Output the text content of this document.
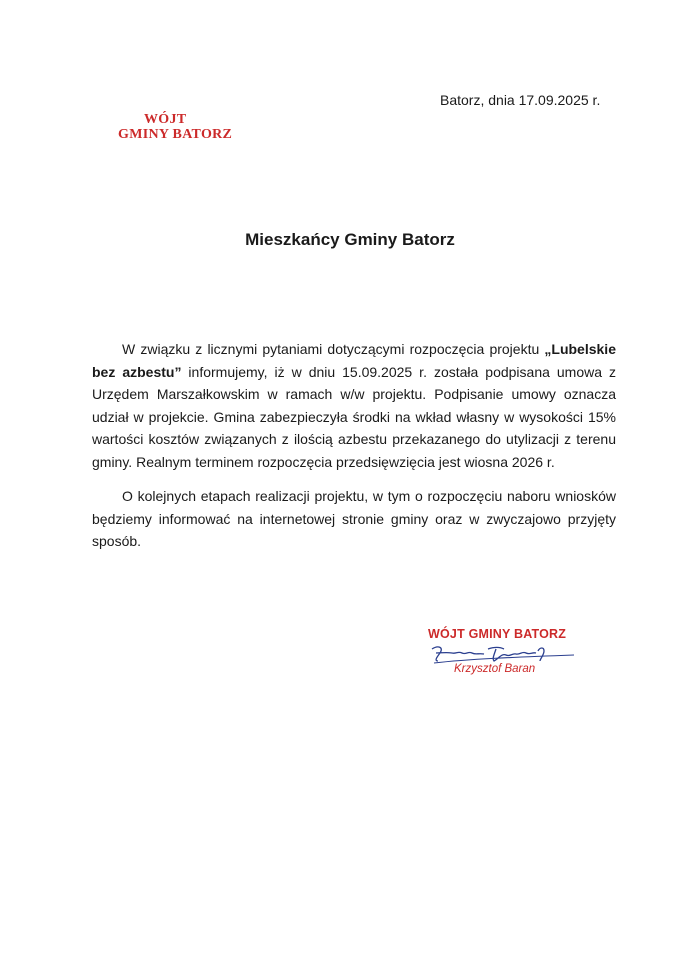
WÓJT
GMINY BATORZ
Batorz, dnia 17.09.2025 r.
Mieszkańcy Gminy Batorz

W związku z licznymi pytaniami dotyczącymi rozpoczęcia projektu „Lubelskie bez azbestu” informujemy, iż w dniu 15.09.2025 r. została podpisana umowa z Urzędem Marszałkowskim w ramach w/w projektu. Podpisanie umowy oznacza udział w projekcie. Gmina zabezpieczyła środki na wkład własny w wysokości 15% wartości kosztów związanych z ilością azbestu przekazanego do utylizacji z terenu gminy. Realnym terminem rozpoczęcia przedsięwzięcia jest wiosna 2026 r.

O kolejnych etapach realizacji projektu, w tym o rozpoczęciu naboru wniosków będziemy informować na internetowej stronie gminy oraz w zwyczajowo przyjęty sposób.

WÓJT GMINY BATORZ
Krzysztof Baran
